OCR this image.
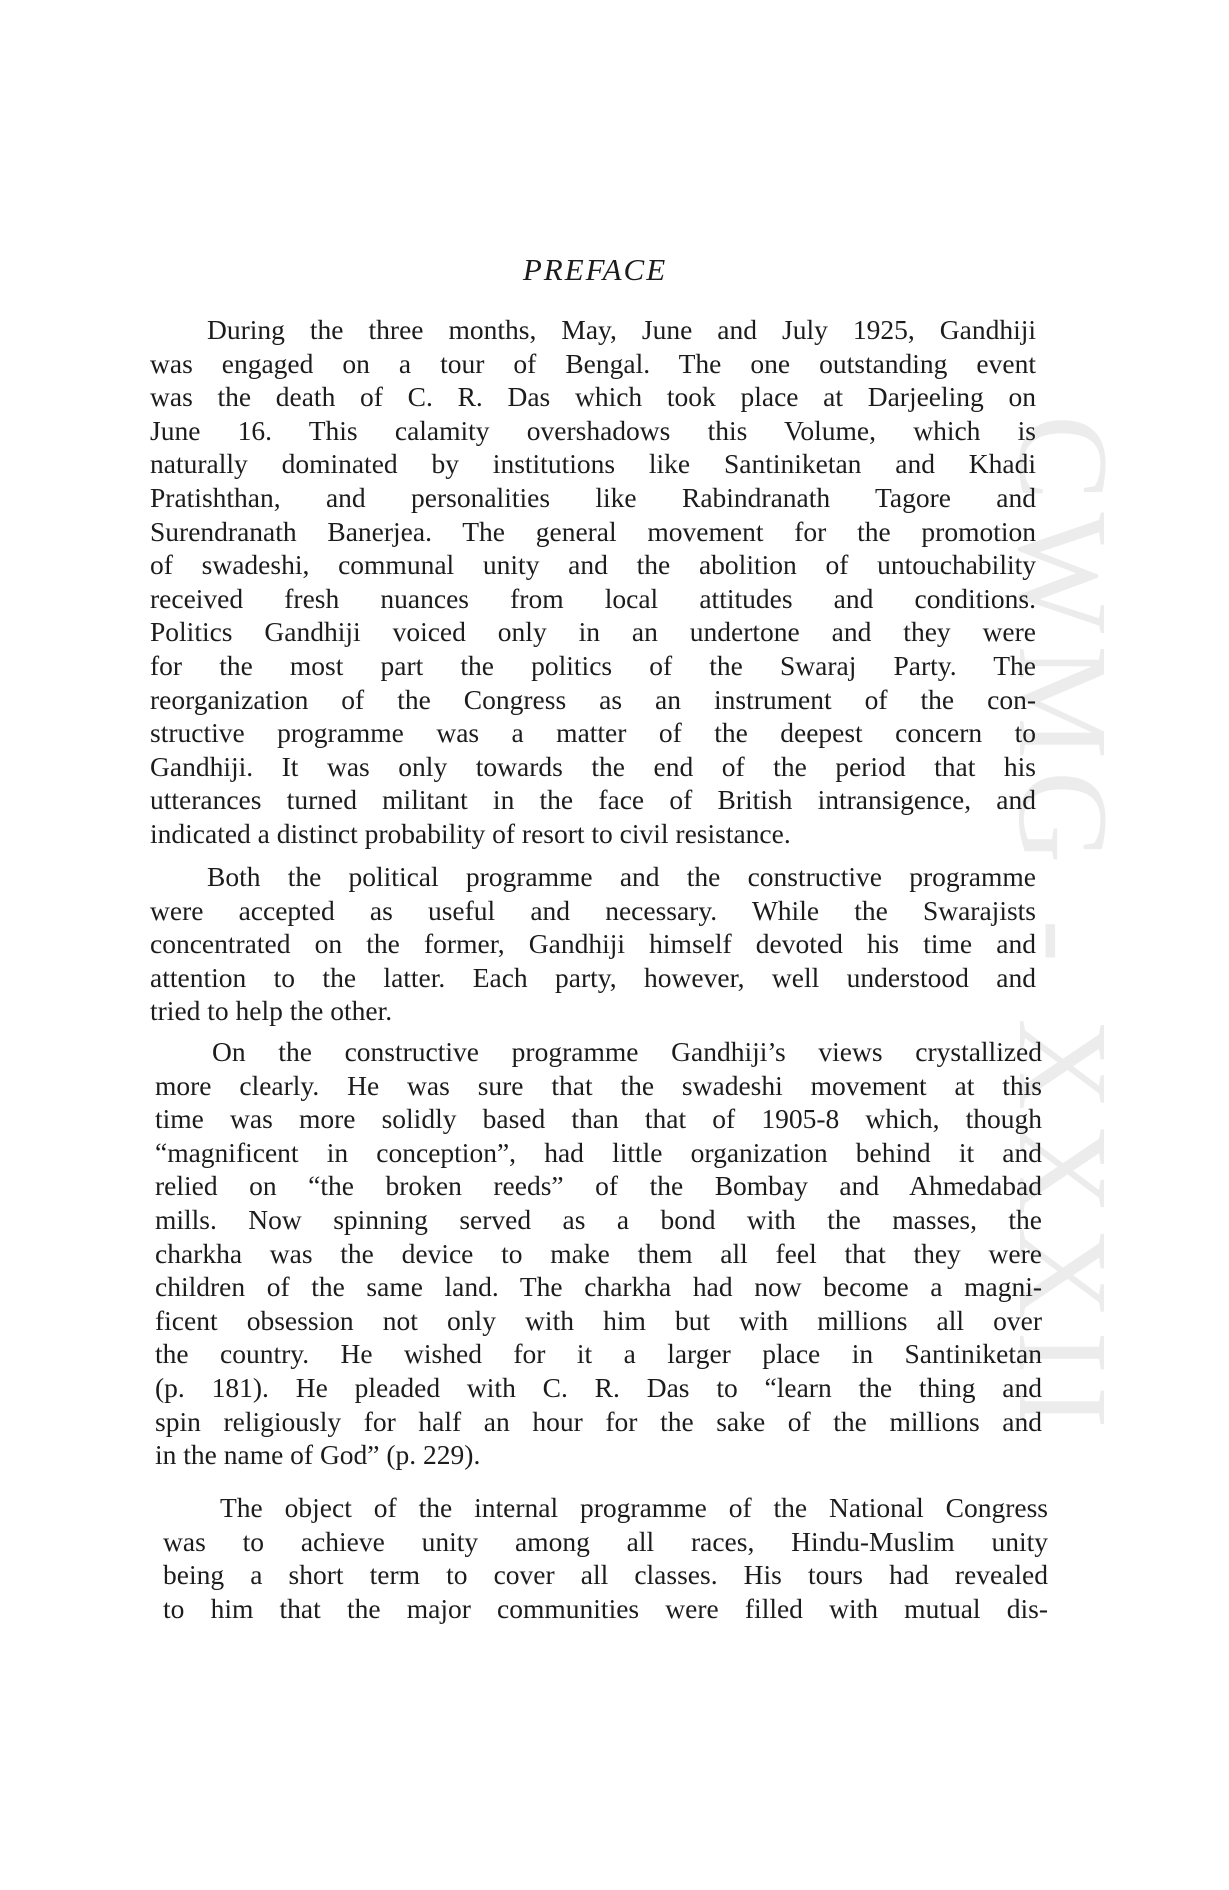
CWMG - XXXII
PREFACE
During the three months, May, June and July 1925, Gandhiji
was engaged on a tour of Bengal. The one outstanding event
was the death of C. R. Das which took place at Darjeeling on
June 16. This calamity overshadows this Volume, which is
naturally dominated by institutions like Santiniketan and Khadi
Pratishthan, and personalities like Rabindranath Tagore and
Surendranath Banerjea. The general movement for the promotion
of swadeshi, communal unity and the abolition of untouchability
received fresh nuances from local attitudes and conditions.
Politics Gandhiji voiced only in an undertone and they were
for the most part the politics of the Swaraj Party. The
reorganization of the Congress as an instrument of the con-
structive programme was a matter of the deepest concern to
Gandhiji. It was only towards the end of the period that his
utterances turned militant in the face of British intransigence, and
indicated a distinct probability of resort to civil resistance.
Both the political programme and the constructive programme
were accepted as useful and necessary. While the Swarajists
concentrated on the former, Gandhiji himself devoted his time and
attention to the latter. Each party, however, well understood and
tried to help the other.
On the constructive programme Gandhiji’s views crystallized
more clearly. He was sure that the swadeshi movement at this
time was more solidly based than that of 1905-8 which, though
“magnificent in conception”, had little organization behind it and
relied on “the broken reeds” of the Bombay and Ahmedabad
mills. Now spinning served as a bond with the masses, the
charkha was the device to make them all feel that they were
children of the same land. The charkha had now become a magni-
ficent obsession not only with him but with millions all over
the country. He wished for it a larger place in Santiniketan
(p. 181). He pleaded with C. R. Das to “learn the thing and
spin religiously for half an hour for the sake of the millions and
in the name of God” (p. 229).
The object of the internal programme of the National Congress
was to achieve unity among all races, Hindu-Muslim unity
being a short term to cover all classes. His tours had revealed
to him that the major communities were filled with mutual dis-
